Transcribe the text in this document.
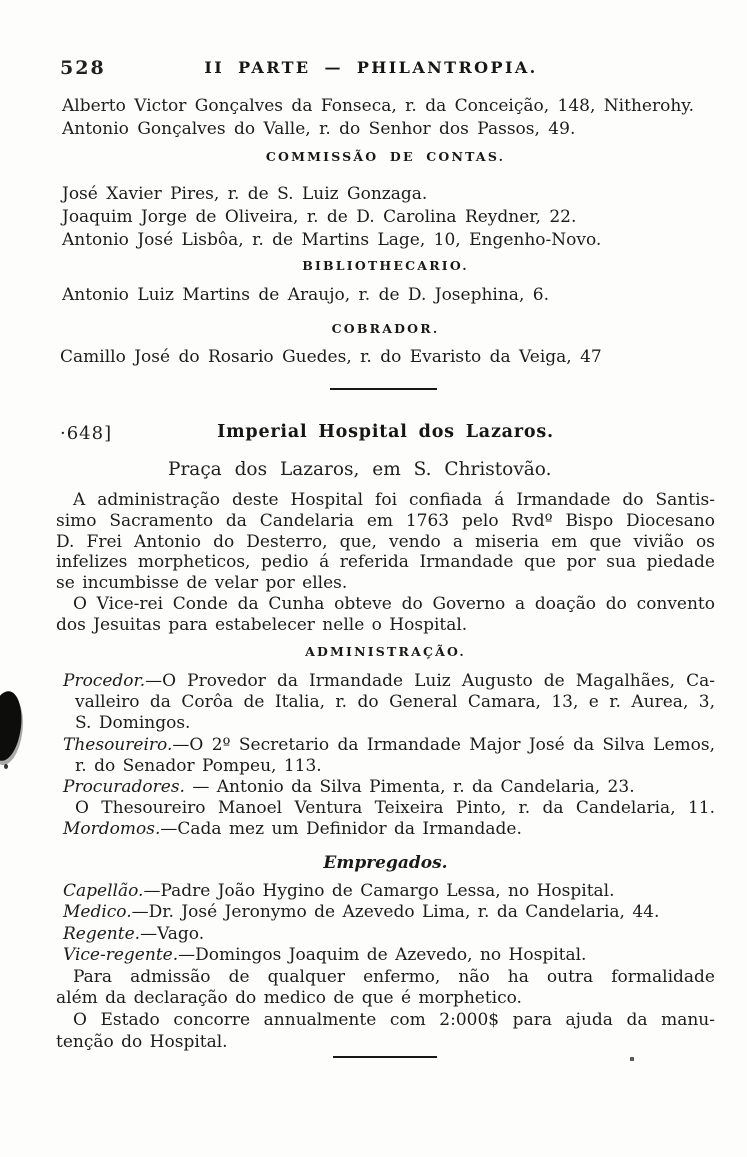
528	II PARTE — PHILANTROPIA.
Alberto Victor Gonçalves da Fonseca, r. da Conceição, 148, Nitherohy.
Antonio Gonçalves do Valle, r. do Senhor dos Passos, 49.
COMMISSÃO DE CONTAS.
José Xavier Pires, r. de S. Luiz Gonzaga.
Joaquim Jorge de Oliveira, r. de D. Carolina Reydner, 22.
Antonio José Lisbôa, r. de Martins Lage, 10, Engenho-Novo.
BIBLIOTHECARIO.
Antonio Luiz Martins de Araujo, r. de D. Josephina, 6.
COBRADOR.
Camillo José do Rosario Guedes, r. do Evaristo da Veiga, 47
·648]	Imperial Hospital dos Lazaros.
Praça dos Lazaros, em S. Christovão.
A administração deste Hospital foi confiada á Irmandade do Santis-
simo Sacramento da Candelaria em 1763 pelo Rvdº Bispo Diocesano
D. Frei Antonio do Desterro, que, vendo a miseria em que vivião os
infelizes morpheticos, pedio á referida Irmandade que por sua piedade
se incumbisse de velar por elles.
O Vice-rei Conde da Cunha obteve do Governo a doação do convento
dos Jesuitas para estabelecer nelle o Hospital.
ADMINISTRAÇÃO.
Procedor.—O Provedor da Irmandade Luiz Augusto de Magalhães, Ca-
valleiro da Corôa de Italia, r. do General Camara, 13, e r. Aurea, 3,
S. Domingos.
Thesoureiro.—O 2º Secretario da Irmandade Major José da Silva Lemos,
r. do Senador Pompeu, 113.
Procuradores. — Antonio da Silva Pimenta, r. da Candelaria, 23.
O Thesoureiro Manoel Ventura Teixeira Pinto, r. da Candelaria, 11.
Mordomos.—Cada mez um Definidor da Irmandade.
Empregados.
Capellão.—Padre João Hygino de Camargo Lessa, no Hospital.
Medico.—Dr. José Jeronymo de Azevedo Lima, r. da Candelaria, 44.
Regente.—Vago.
Vice-regente.—Domingos Joaquim de Azevedo, no Hospital.
Para admissão de qualquer enfermo, não ha outra formalidade
além da declaração do medico de que é morphetico.
O Estado concorre annualmente com 2:000$ para ajuda da manu-
tenção do Hospital.
